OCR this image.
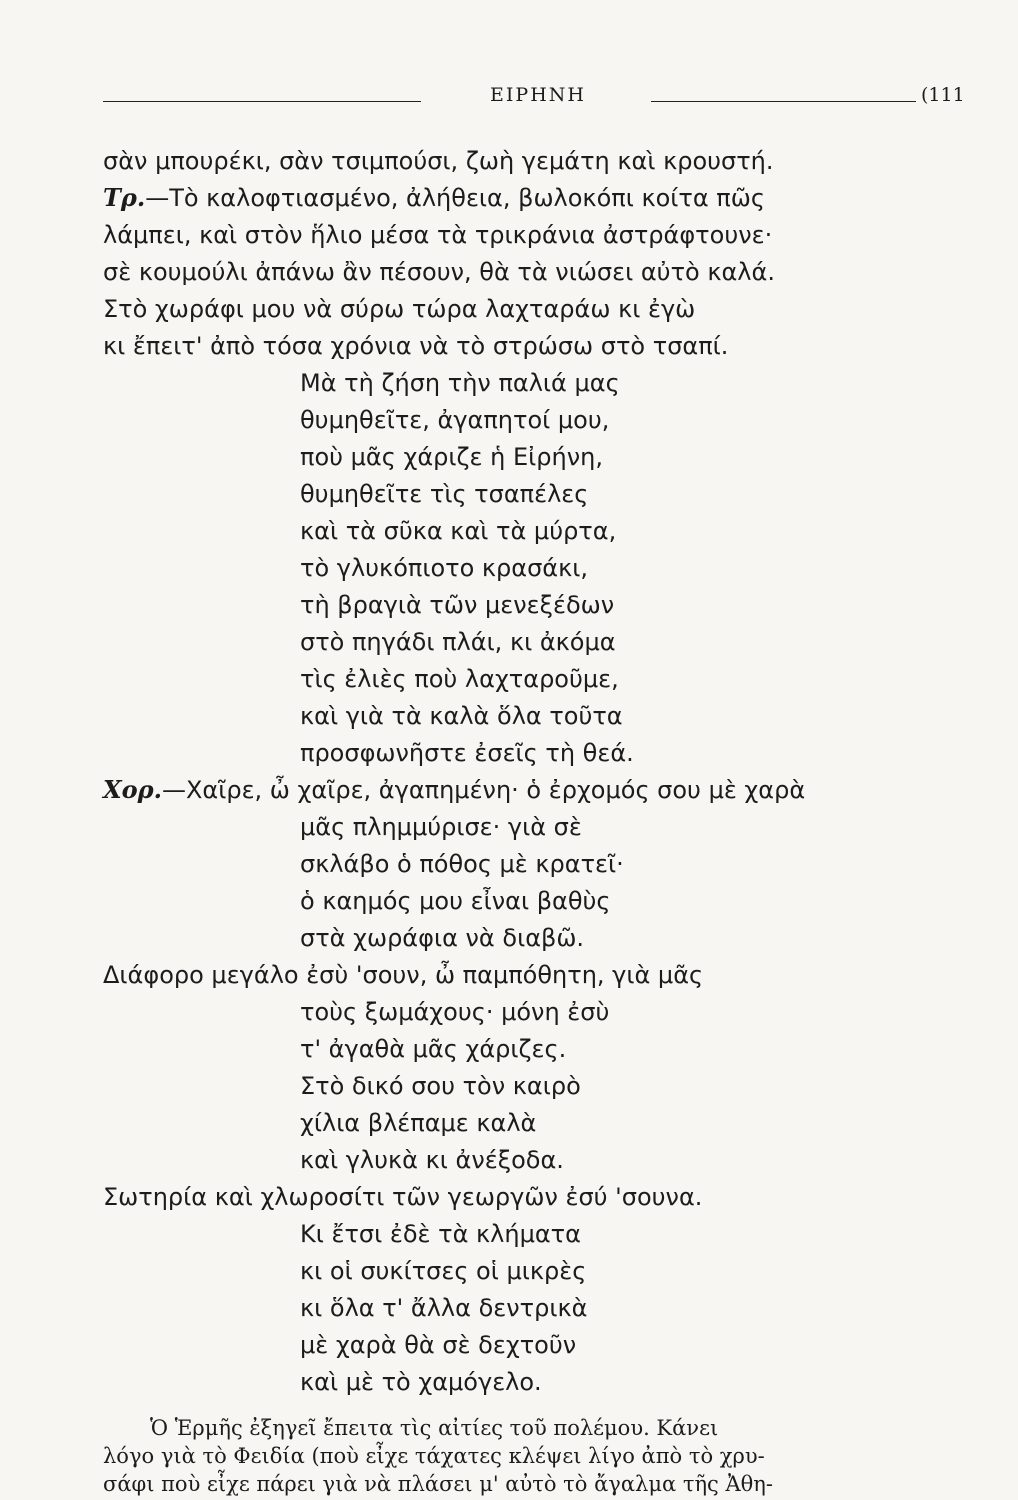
ΕΙΡΗΝΗ	(111
σὰν μπουρέκι, σὰν τσιμπούσι, ζωὴ γεμάτη καὶ κρουστή.
Τρ.—Τὸ καλοφτιασμένο, ἀλήθεια, βωλοκόπι κοίτα πῶς
λάμπει, καὶ στὸν ἥλιο μέσα τὰ τρικράνια ἀστράφτουνε·
σὲ κουμούλι ἀπάνω ἂν πέσουν, θὰ τὰ νιώσει αὐτὸ καλά.
Στὸ χωράφι μου νὰ σύρω τώρα λαχταράω κι ἐγὼ
κι ἔπειτ' ἀπὸ τόσα χρόνια νὰ τὸ στρώσω στὸ τσαπί.
Μὰ τὴ ζήση τὴν παλιά μας
θυμηθεῖτε, ἀγαπητοί μου,
ποὺ μᾶς χάριζε ἡ Εἰρήνη,
θυμηθεῖτε τὶς τσαπέλες
καὶ τὰ σῦκα καὶ τὰ μύρτα,
τὸ γλυκόπιοτο κρασάκι,
τὴ βραγιὰ τῶν μενεξέδων
στὸ πηγάδι πλάι, κι ἀκόμα
τὶς ἐλιὲς ποὺ λαχταροῦμε,
καὶ γιὰ τὰ καλὰ ὅλα τοῦτα
προσφωνῆστε ἐσεῖς τὴ θεά.
Χορ.—Χαῖρε, ὦ χαῖρε, ἀγαπημένη· ὁ ἐρχομός σου μὲ χαρὰ
μᾶς πλημμύρισε· γιὰ σὲ
σκλάβο ὁ πόθος μὲ κρατεῖ·
ὁ καημός μου εἶναι βαθὺς
στὰ χωράφια νὰ διαβῶ.
Διάφορο μεγάλο ἐσὺ 'σουν, ὦ παμπόθητη, γιὰ μᾶς
τοὺς ξωμάχους· μόνη ἐσὺ
τ' ἀγαθὰ μᾶς χάριζες.
Στὸ δικό σου τὸν καιρὸ
χίλια βλέπαμε καλὰ
καὶ γλυκὰ κι ἀνέξοδα.
Σωτηρία καὶ χλωροσίτι τῶν γεωργῶν ἐσύ 'σουνα.
Κι ἔτσι ἐδὲ τὰ κλήματα
κι οἱ συκίτσες οἱ μικρὲς
κι ὅλα τ' ἄλλα δεντρικὰ
μὲ χαρὰ θὰ σὲ δεχτοῦν
καὶ μὲ τὸ χαμόγελο.
Ὁ Ἑρμῆς ἐξηγεῖ ἔπειτα τὶς αἰτίες τοῦ πολέμου. Κάνει
λόγο γιὰ τὸ Φειδία (ποὺ εἶχε τάχατες κλέψει λίγο ἀπὸ τὸ χρυ-
σάφι ποὺ εἶχε πάρει γιὰ νὰ πλάσει μ' αὐτὸ τὸ ἄγαλμα τῆς Ἀθη-
